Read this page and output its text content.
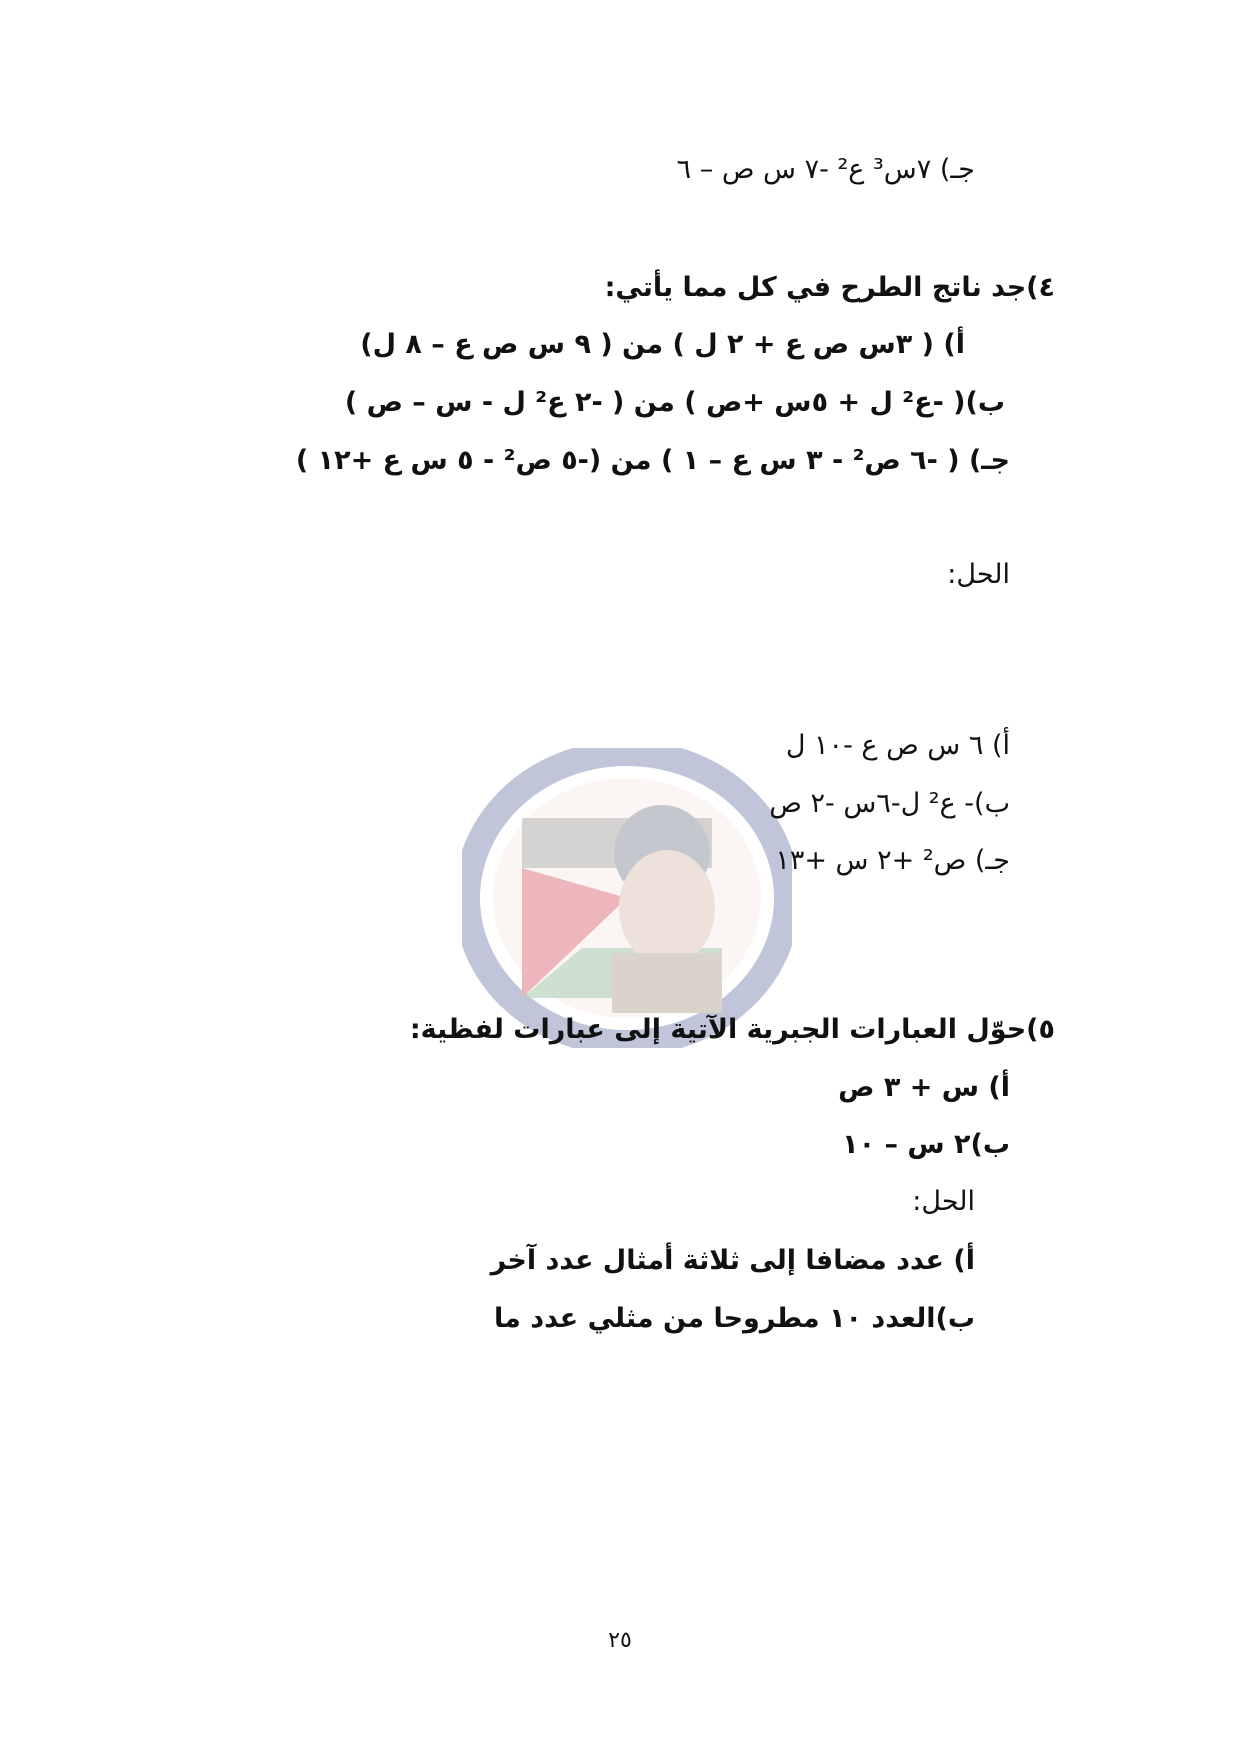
جـ) ٧س³ ع² -٧ س ص – ٦
٤)جد ناتج الطرح في كل مما يأتي:
أ) ( ٣س ص ع + ٢ ل ) من ( ٩ س ص ع – ٨ ل)
ب)( -ع² ل + ٥س +ص ) من ( -٢ ع² ل - س – ص )
جـ) ( -٦ ص² - ٣ س ع – ١ ) من (-٥ ص² - ٥ س ع +١٢ )
الحل:
أ) ٦ س ص ع -١٠ ل
ب)- ع² ل-٦س -٢ ص
جـ) ص² +٢ س +١٣
٥)حوّل العبارات الجبرية الآتية إلى عبارات لفظية:
أ) س + ٣ ص
ب)٢ س – ١٠
الحل:
أ) عدد مضافا إلى ثلاثة أمثال عدد آخر
ب)العدد ١٠ مطروحا من مثلي عدد ما
٢٥
